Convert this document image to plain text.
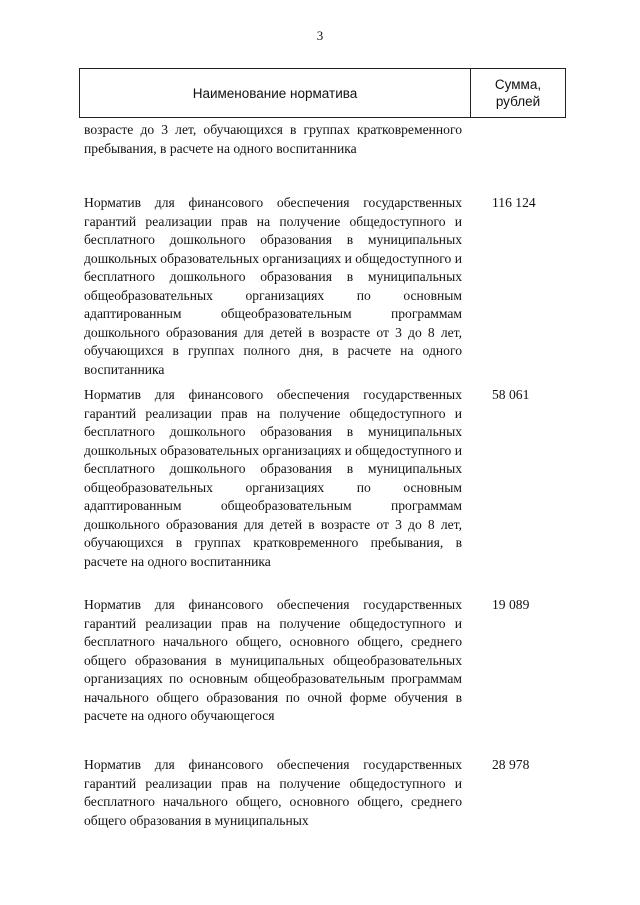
3
Наименование норматива
Сумма,
рублей
возрасте до 3 лет, обучающихся в группах кратковременного пребывания, в расчете на одного воспитанника
Норматив для финансового обеспечения государственных гарантий реализации прав на получение общедоступного и бесплатного дошкольного образования в муниципальных дошкольных образовательных организациях и общедоступного и бесплатного дошкольного образования в муниципальных общеобразовательных организациях по основным адаптированным общеобразовательным программам дошкольного образования для детей в возрасте от 3 до 8 лет, обучающихся в группах полного дня, в расчете на одного воспитанника
116 124
Норматив для финансового обеспечения государственных гарантий реализации прав на получение общедоступного и бесплатного дошкольного образования в муниципальных дошкольных образовательных организациях и общедоступного и бесплатного дошкольного образования в муниципальных общеобразовательных организациях по основным адаптированным общеобразовательным программам дошкольного образования для детей в возрасте от 3 до 8 лет, обучающихся в группах кратковременного пребывания, в расчете на одного воспитанника
58 061
Норматив для финансового обеспечения государственных гарантий реализации прав на получение общедоступного и бесплатного начального общего, основного общего, среднего общего образования в муниципальных общеобразовательных организациях по основным общеобразовательным программам начального общего образования по очной форме обучения в расчете на одного обучающегося
19 089
Норматив для финансового обеспечения государственных гарантий реализации прав на получение общедоступного и бесплатного начального общего, основного общего, среднего общего образования в муниципальных
28 978
